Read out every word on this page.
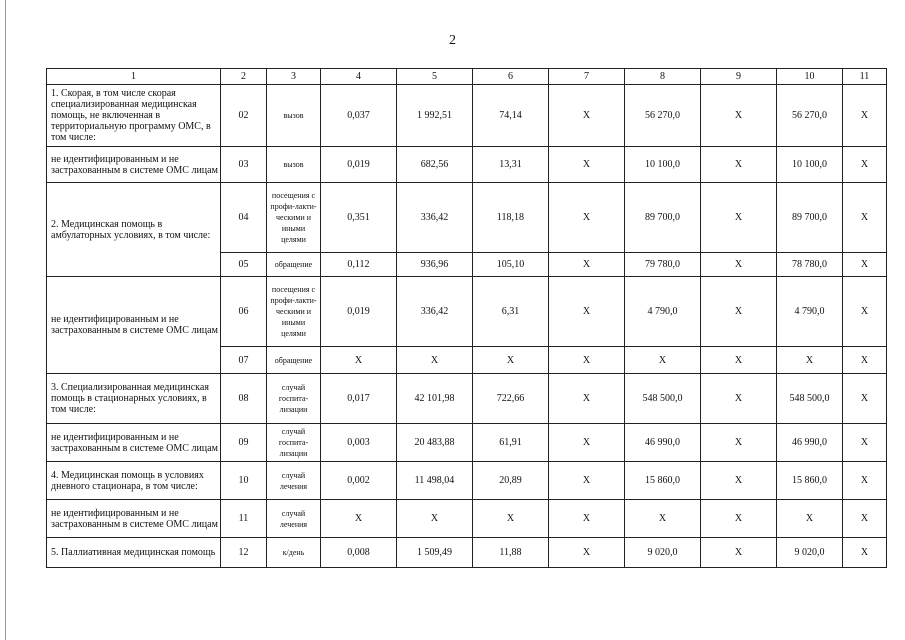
2
1	2	3	4	5	6	7	8	9	10	11
1. Скорая, в том числе скорая специализированная медицинская помощь, не включенная в территориальную программу ОМС, в том числе:	02	вызов	0,037	1 992,51	74,14	X	56 270,0	X	56 270,0	X
не идентифицированным и не застрахованным в системе ОМС лицам	03	вызов	0,019	682,56	13,31	X	10 100,0	X	10 100,0	X
2. Медицинская помощь в амбулаторных условиях, в том числе:	04	посещения с профи-лакти-ческими и иными целями	0,351	336,42	118,18	X	89 700,0	X	89 700,0	X
	05	обращение	0,112	936,96	105,10	X	79 780,0	X	78 780,0	X
не идентифицированным и не застрахованным в системе ОМС лицам	06	посещения с профи-лакти-ческими и иными целями	0,019	336,42	6,31	X	4 790,0	X	4 790,0	X
	07	обращение	X	X	X	X	X	X	X	X
3. Специализированная медицинская помощь в стационарных условиях, в том числе:	08	случай госпита-лизации	0,017	42 101,98	722,66	X	548 500,0	X	548 500,0	X
не идентифицированным и не застрахованным в системе ОМС лицам	09	случай госпита-лизации	0,003	20 483,88	61,91	X	46 990,0	X	46 990,0	X
4. Медицинская помощь в условиях дневного стационара, в том числе:	10	случай лечения	0,002	11 498,04	20,89	X	15 860,0	X	15 860,0	X
не идентифицированным и не застрахованным в системе ОМС лицам	11	случай лечения	X	X	X	X	X	X	X	X
5. Паллиативная медицинская помощь	12	к/день	0,008	1 509,49	11,88	X	9 020,0	X	9 020,0	X
